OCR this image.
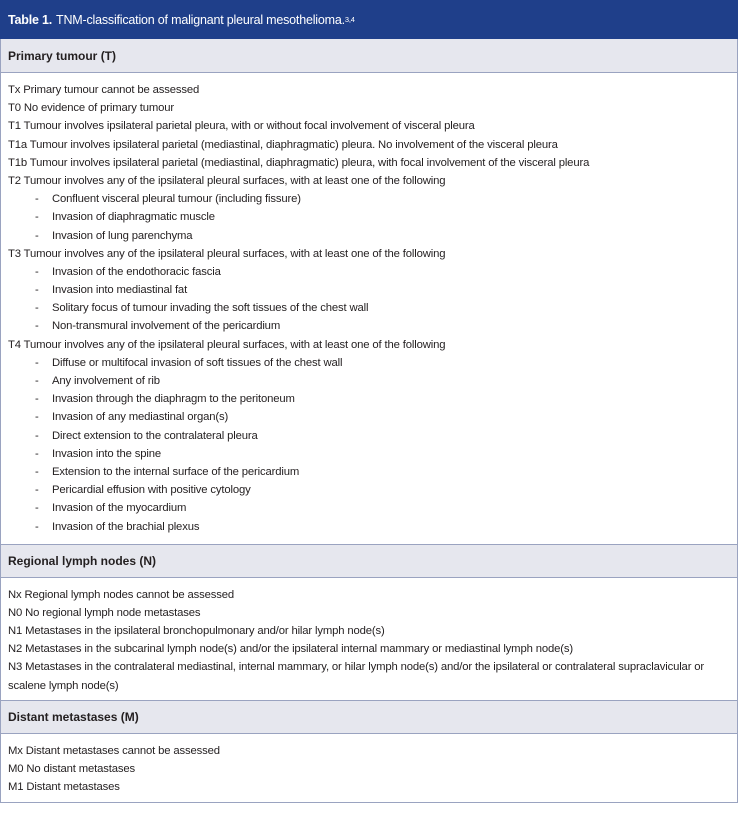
Table 1. TNM-classification of malignant pleural mesothelioma. 3,4
Primary tumour (T)
Tx Primary tumour cannot be assessed
T0 No evidence of primary tumour
T1 Tumour involves ipsilateral parietal pleura, with or without focal involvement of visceral pleura
T1a Tumour involves ipsilateral parietal (mediastinal, diaphragmatic) pleura. No involvement of the visceral pleura
T1b Tumour involves ipsilateral parietal (mediastinal, diaphragmatic) pleura, with focal involvement of the visceral pleura
T2 Tumour involves any of the ipsilateral pleural surfaces, with at least one of the following
- Confluent visceral pleural tumour (including fissure)
- Invasion of diaphragmatic muscle
- Invasion of lung parenchyma
T3 Tumour involves any of the ipsilateral pleural surfaces, with at least one of the following
- Invasion of the endothoracic fascia
- Invasion into mediastinal fat
- Solitary focus of tumour invading the soft tissues of the chest wall
- Non-transmural involvement of the pericardium
T4 Tumour involves any of the ipsilateral pleural surfaces, with at least one of the following
- Diffuse or multifocal invasion of soft tissues of the chest wall
- Any involvement of rib
- Invasion through the diaphragm to the peritoneum
- Invasion of any mediastinal organ(s)
- Direct extension to the contralateral pleura
- Invasion into the spine
- Extension to the internal surface of the pericardium
- Pericardial effusion with positive cytology
- Invasion of the myocardium
- Invasion of the brachial plexus
Regional lymph nodes (N)
Nx Regional lymph nodes cannot be assessed
N0 No regional lymph node metastases
N1 Metastases in the ipsilateral bronchopulmonary and/or hilar lymph node(s)
N2 Metastases in the subcarinal lymph node(s) and/or the ipsilateral internal mammary or mediastinal lymph node(s)
N3 Metastases in the contralateral mediastinal, internal mammary, or hilar lymph node(s) and/or the ipsilateral or contralateral supraclavicular or scalene lymph node(s)
Distant metastases (M)
Mx Distant metastases cannot be assessed
M0 No distant metastases
M1 Distant metastases
